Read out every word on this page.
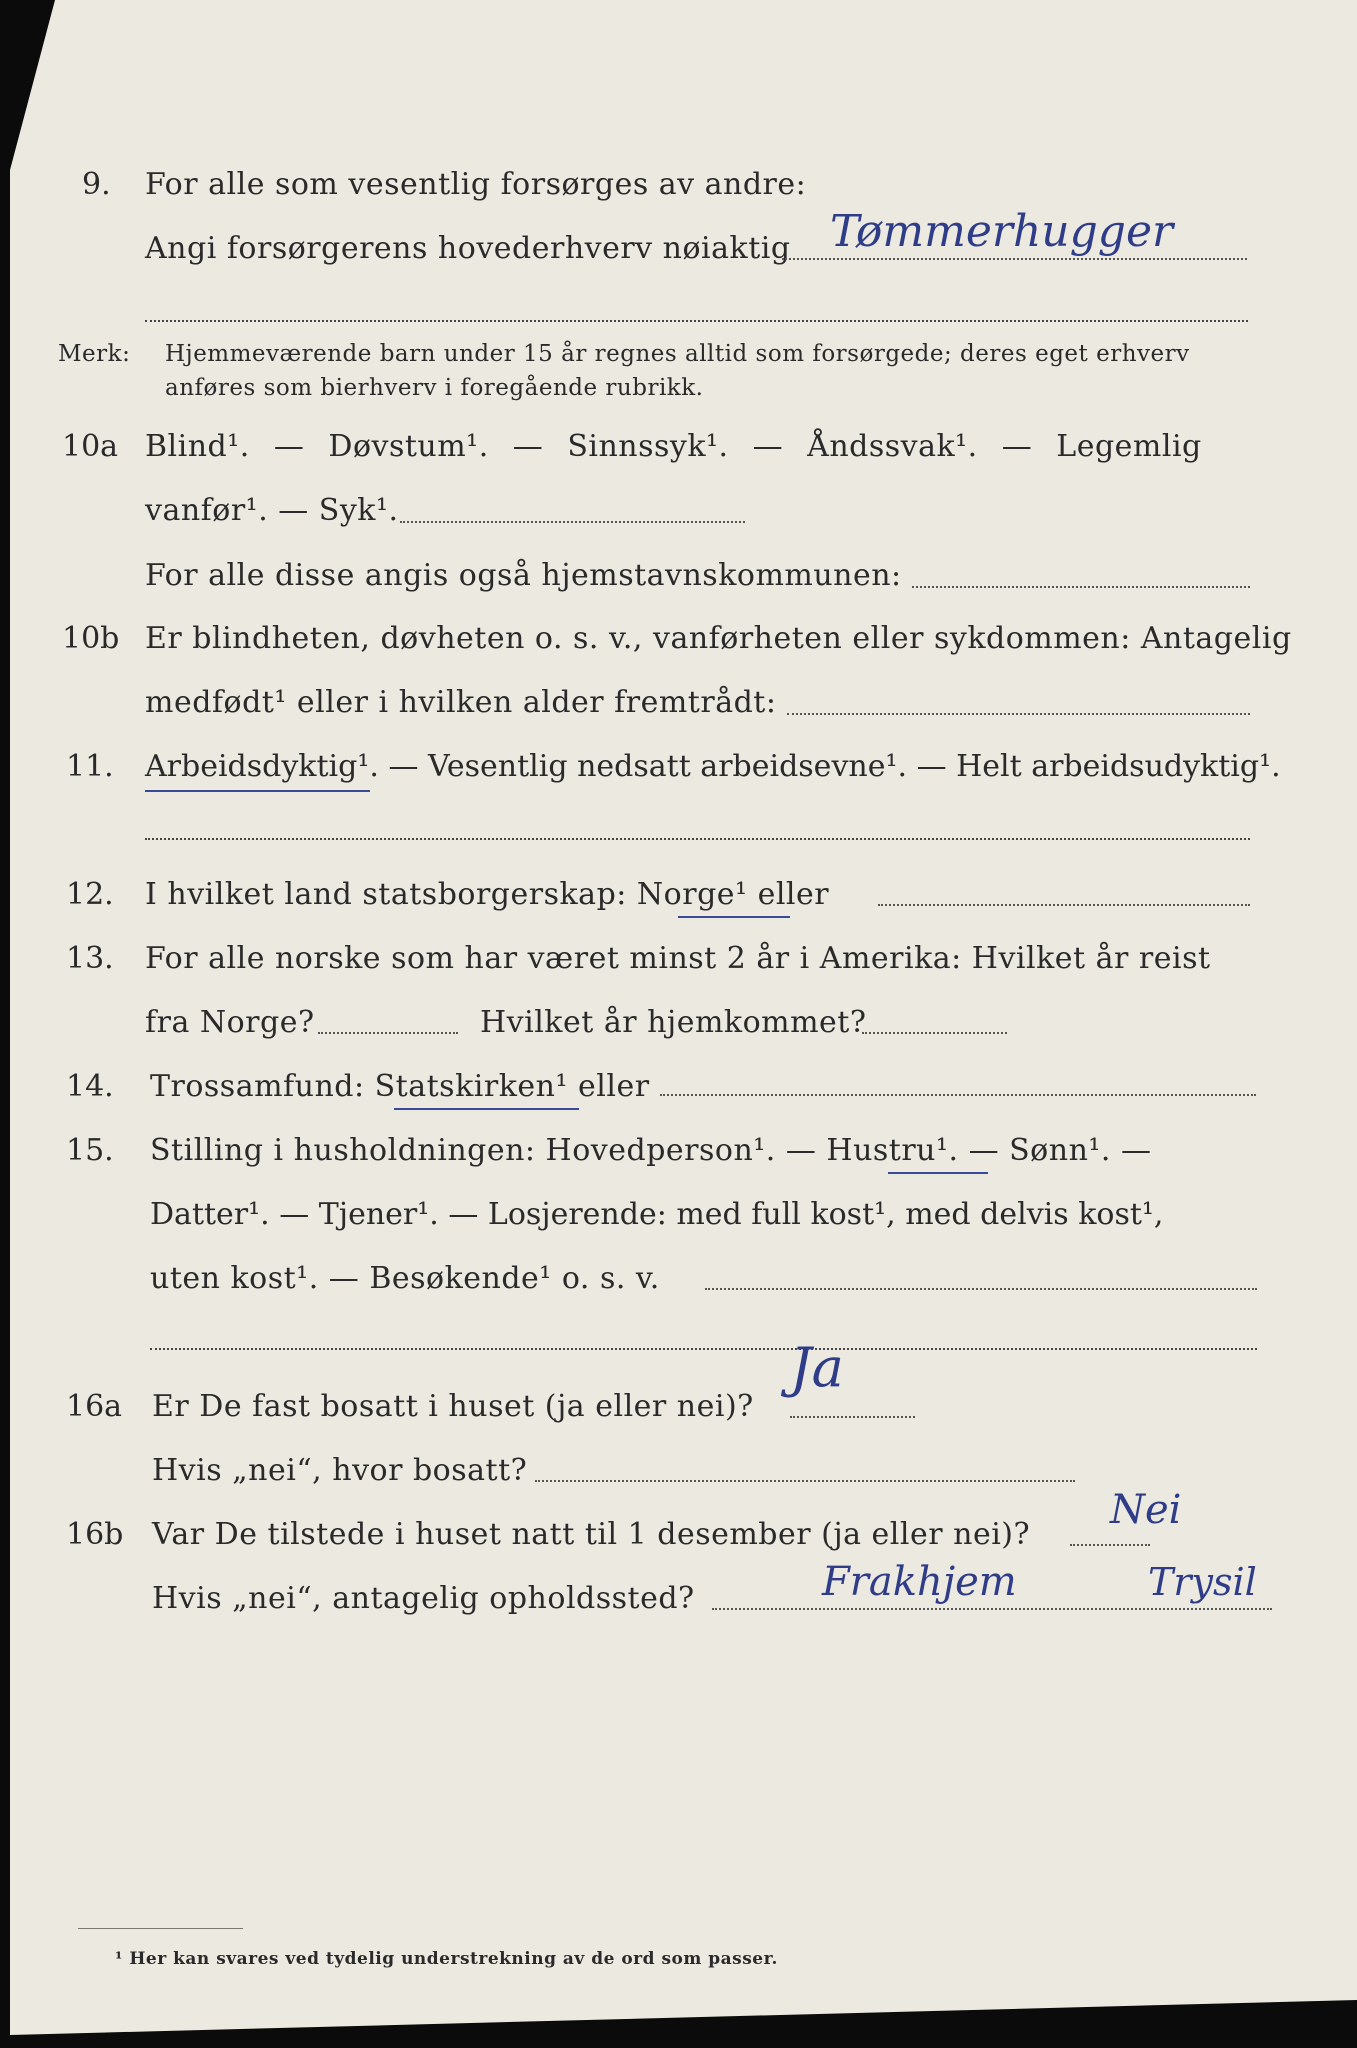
9. For alle som vesentlig forsørges av andre:
Angi forsørgerens hovederhverv nøiaktig Tømmerhugger
Merk: Hjemmeværende barn under 15 år regnes alltid som forsørgede; deres eget erhverv
anføres som bierhverv i foregående rubrikk.
10a Blind¹. — Døvstum¹. — Sinnssyk¹. — Åndssvak¹. — Legemlig
vanfør¹. — Syk¹.
For alle disse angis også hjemstavnskommunen:
10b Er blindheten, døvheten o. s. v., vanførheten eller sykdommen: Antagelig
medfødt¹ eller i hvilken alder fremtrådt:
11. Arbeidsdyktig¹. — Vesentlig nedsatt arbeidsevne¹. — Helt arbeidsudyktig¹.
12. I hvilket land statsborgerskap: Norge¹ eller
13. For alle norske som har været minst 2 år i Amerika: Hvilket år reist
fra Norge?	Hvilket år hjemkommet?
14. Trossamfund: Statskirken¹ eller
15. Stilling i husholdningen: Hovedperson¹. — Hustru¹. — Sønn¹. —
Datter¹. — Tjener¹. — Losjerende: med full kost¹, med delvis kost¹,
uten kost¹. — Besøkende¹ o. s. v.
16a Er De fast bosatt i huset (ja eller nei)?
Ja
Hvis „nei“, hvor bosatt?
16b Var De tilstede i huset natt til 1 desember (ja eller nei)?
Nei
Hvis „nei“, antagelig opholdssted?	Frakhjem	Trysil
¹ Her kan svares ved tydelig understrekning av de ord som passer.
